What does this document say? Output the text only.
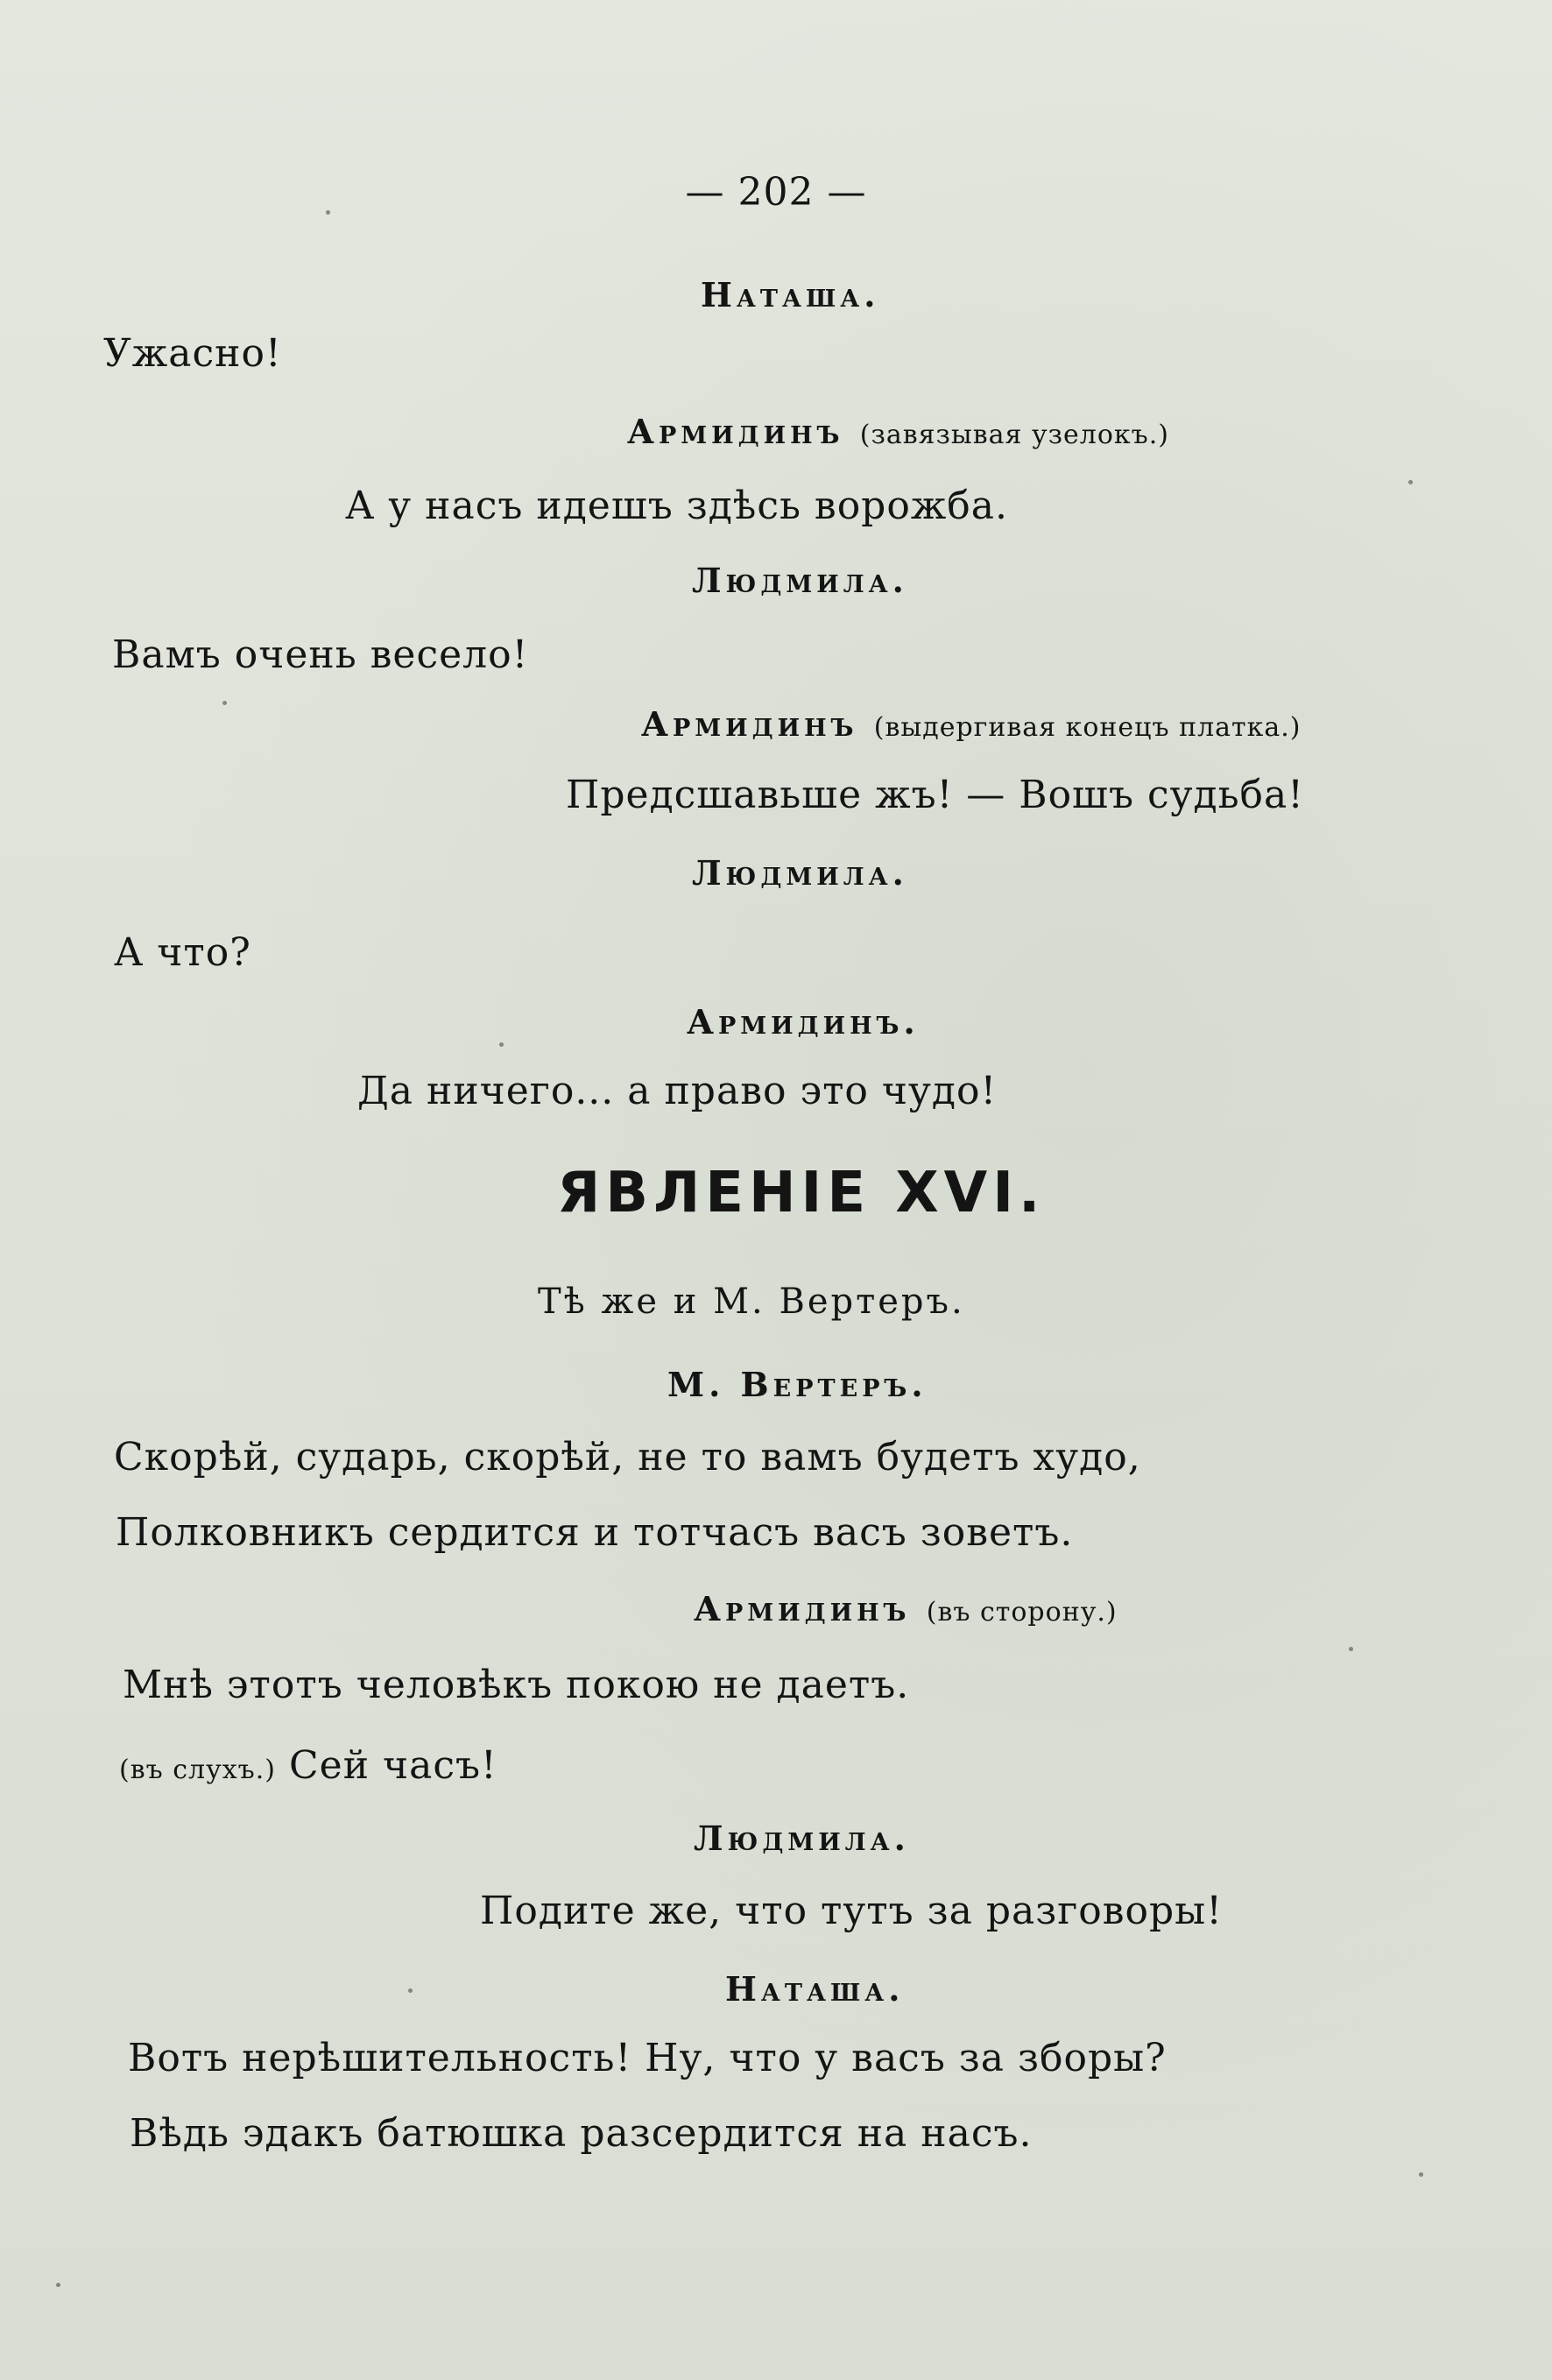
— 202 —
Наташа.
Ужасно!
Армидинъ (завязывая узелокъ.)
А у насъ идешъ здѣсь ворожба.
Людмила.
Вамъ очень весело!
Армидинъ (выдергивая конецъ платка.)
Предсшавьше жъ! — Вошъ судьба!
Людмила.
А что?
Армидинъ.
Да ничего... а право это чудо!
ЯВЛЕНІЕ XVI.
Тѣ же и М. Вертеръ.
М. Вертеръ.
Скорѣй, сударь, скорѣй, не то вамъ будетъ худо,
Полковникъ сердится и тотчасъ васъ зоветъ.
Армидинъ (въ сторону.)
Мнѣ этотъ человѣкъ покою не даетъ.
(въ слухъ.) Сей часъ!
Людмила.
Подите же, что тутъ за разговоры!
Наташа.
Вотъ нерѣшительность! Ну, что у васъ за зборы?
Вѣдь эдакъ батюшка разсердится на насъ.
